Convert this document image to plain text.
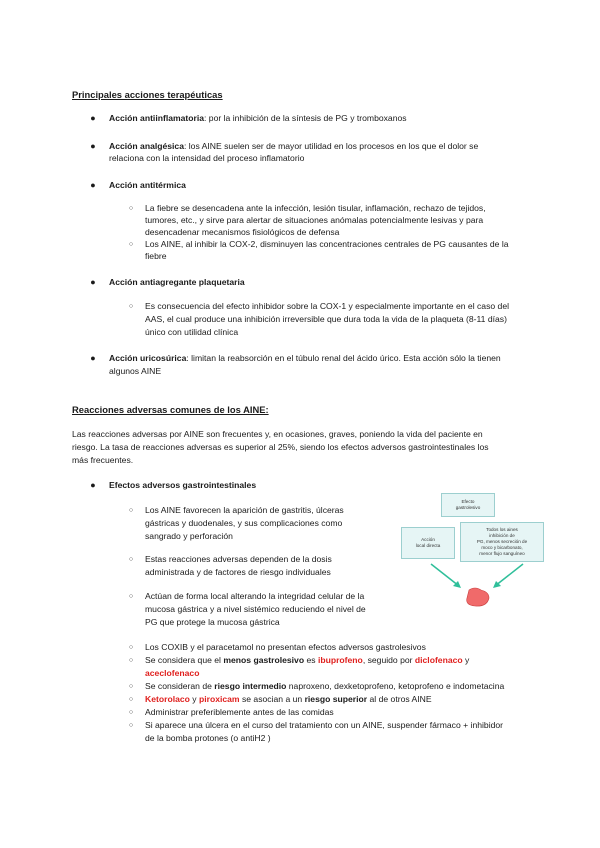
Principales acciones terapéuticas
● Acción antiinflamatoria: por la inhibición de la síntesis de PG y tromboxanos
● Acción analgésica: los AINE suelen ser de mayor utilidad en los procesos en los que el dolor se
relaciona con la intensidad del proceso inflamatorio
● Acción antitérmica
○	La fiebre se desencadena ante la infección, lesión tisular, inflamación, rechazo de tejidos,
tumores, etc., y sirve para alertar de situaciones anómalas potencialmente lesivas y para
desencadenar mecanismos fisiológicos de defensa
○	Los AINE, al inhibir la COX-2, disminuyen las concentraciones centrales de PG causantes de la
fiebre
● Acción antiagregante plaquetaria
○	Es consecuencia del efecto inhibidor sobre la COX-1 y especialmente importante en el caso del
AAS, el cual produce una inhibición irreversible que dura toda la vida de la plaqueta (8-11 días)
único con utilidad clínica
● Acción uricosúrica: limitan la reabsorción en el túbulo renal del ácido úrico. Esta acción sólo la tienen
algunos AINE
Reacciones adversas comunes de los AINE:
Las reacciones adversas por AINE son frecuentes y, en ocasiones, graves, poniendo la vida del paciente en
riesgo. La tasa de reacciones adversas es superior al 25%, siendo los efectos adversos gastrointestinales los
más frecuentes.
● Efectos adversos gastrointestinales
○	Los AINE favorecen la aparición de gastritis, úlceras
gástricas y duodenales, y sus complicaciones como
sangrado y perforación
○	Estas reacciones adversas dependen de la dosis
administrada y de factores de riesgo individuales
○	Actúan de forma local alterando la integridad celular de la
mucosa gástrica y a nivel sistémico reduciendo el nivel de
PG que protege la mucosa gástrica
○	Los COXIB y el paracetamol no presentan efectos adversos gastrolesivos
○	Se considera que el menos gastrolesivo es ibuprofeno, seguido por diclofenaco y
aceclofenaco
○	Se consideran de riesgo intermedio naproxeno, dexketoprofeno, ketoprofeno e indometacina
○	Ketorolaco y piroxicam se asocian a un riesgo superior al de otros AINE
○	Administrar preferiblemente antes de las comidas
○	Si aparece una úlcera en el curso del tratamiento con un AINE, suspender fármaco + inhibidor
de la bomba protones (o antiH2 )
Efecto
gastrolesivo
Acción
local directa
Todos los aines
inhibición de
PG, menos secreción de
moco y bicarbonato,
menor flujo sanguíneo
